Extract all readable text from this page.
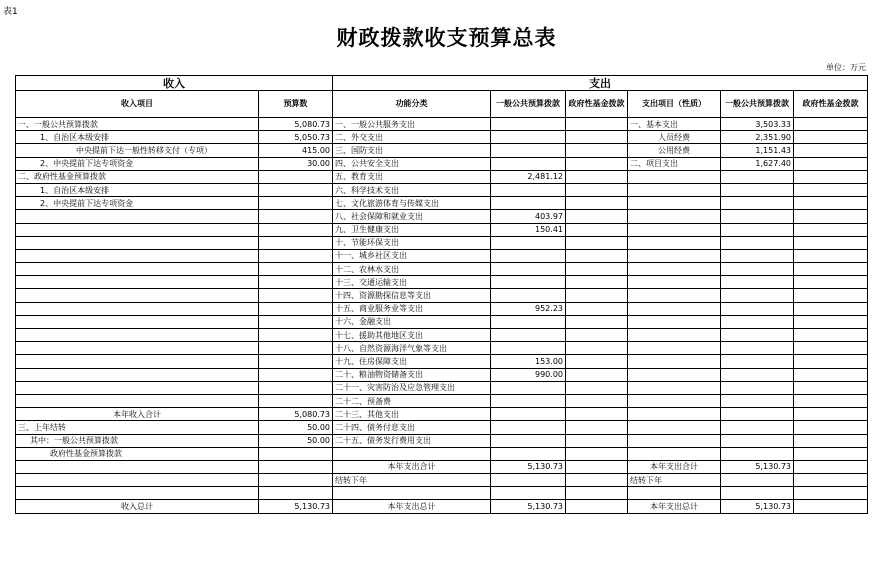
表1
财政拨款收支预算总表
单位：万元
收入		支出					
收入项目	预算数	功能分类	一般公共预算拨款	政府性基金拨款	支出项目（性质）	一般公共预算拨款	政府性基金拨款
一、一般公共预算拨款	5,080.73	一、一般公共服务支出			一、基本支出	3,503.33	
1、自治区本级安排	5,050.73	二、外交支出			人员经费	2,351.90	
中央提前下达一般性转移支付（专项）	415.00	三、国防支出			公用经费	1,151.43	
2、中央提前下达专项资金	30.00	四、公共安全支出			二、项目支出	1,627.40	
二、政府性基金预算拨款		五、教育支出	2,481.12				
1、自治区本级安排		六、科学技术支出					
2、中央提前下达专项资金		七、文化旅游体育与传媒支出					
		八、社会保障和就业支出	403.97				
		九、卫生健康支出	150.41				
		十、节能环保支出					
		十一、城乡社区支出					
		十二、农林水支出					
		十三、交通运输支出					
		十四、资源勘探信息等支出					
		十五、商业服务业等支出	952.23				
		十六、金融支出					
		十七、援助其他地区支出					
		十八、自然资源海洋气象等支出					
		十九、住房保障支出	153.00				
		二十、粮油物资储备支出	990.00				
		二十一、灾害防治及应急管理支出					
		二十二、预备费					
本年收入合计	5,080.73	二十三、其他支出					
三、上年结转	50.00	二十四、债务付息支出					
其中：一般公共预算拨款	50.00	二十五、债务发行费用支出					
政府性基金预算拨款							
		本年支出合计	5,130.73		本年支出合计	5,130.73	
		结转下年			结转下年		

收入总计	5,130.73	本年支出总计	5,130.73		本年支出总计	5,130.73	
